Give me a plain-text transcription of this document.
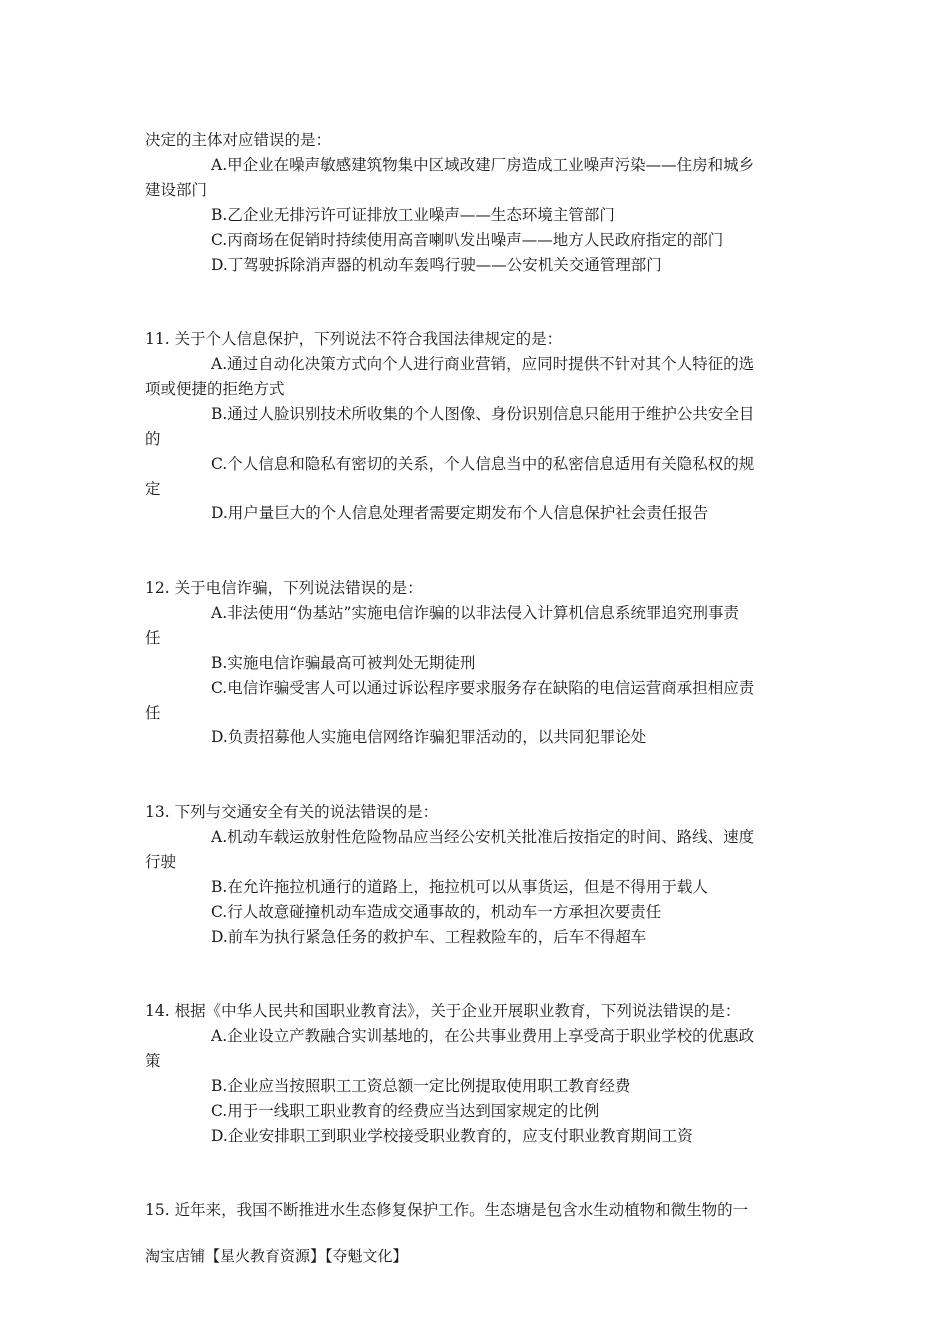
决定的主体对应错误的是：
A.甲企业在噪声敏感建筑物集中区域改建厂房造成工业噪声污染——住房和城乡
建设部门
B.乙企业无排污许可证排放工业噪声——生态环境主管部门
C.丙商场在促销时持续使用高音喇叭发出噪声——地方人民政府指定的部门
D.丁驾驶拆除消声器的机动车轰鸣行驶——公安机关交通管理部门
11. 关于个人信息保护，下列说法不符合我国法律规定的是：
A.通过自动化决策方式向个人进行商业营销，应同时提供不针对其个人特征的选
项或便捷的拒绝方式
B.通过人脸识别技术所收集的个人图像、身份识别信息只能用于维护公共安全目
的
C.个人信息和隐私有密切的关系，个人信息当中的私密信息适用有关隐私权的规
定
D.用户量巨大的个人信息处理者需要定期发布个人信息保护社会责任报告
12. 关于电信诈骗，下列说法错误的是：
A.非法使用“伪基站”实施电信诈骗的以非法侵入计算机信息系统罪追究刑事责
任
B.实施电信诈骗最高可被判处无期徒刑
C.电信诈骗受害人可以通过诉讼程序要求服务存在缺陷的电信运营商承担相应责
任
D.负责招募他人实施电信网络诈骗犯罪活动的，以共同犯罪论处
13. 下列与交通安全有关的说法错误的是：
A.机动车载运放射性危险物品应当经公安机关批准后按指定的时间、路线、速度
行驶
B.在允许拖拉机通行的道路上，拖拉机可以从事货运，但是不得用于载人
C.行人故意碰撞机动车造成交通事故的，机动车一方承担次要责任
D.前车为执行紧急任务的救护车、工程救险车的，后车不得超车
14. 根据《中华人民共和国职业教育法》，关于企业开展职业教育，下列说法错误的是：
A.企业设立产教融合实训基地的，在公共事业费用上享受高于职业学校的优惠政
策
B.企业应当按照职工工资总额一定比例提取使用职工教育经费
C.用于一线职工职业教育的经费应当达到国家规定的比例
D.企业安排职工到职业学校接受职业教育的，应支付职业教育期间工资
15. 近年来，我国不断推进水生态修复保护工作。生态塘是包含水生动植物和微生物的一
淘宝店铺【星火教育资源】【夺魁文化】
